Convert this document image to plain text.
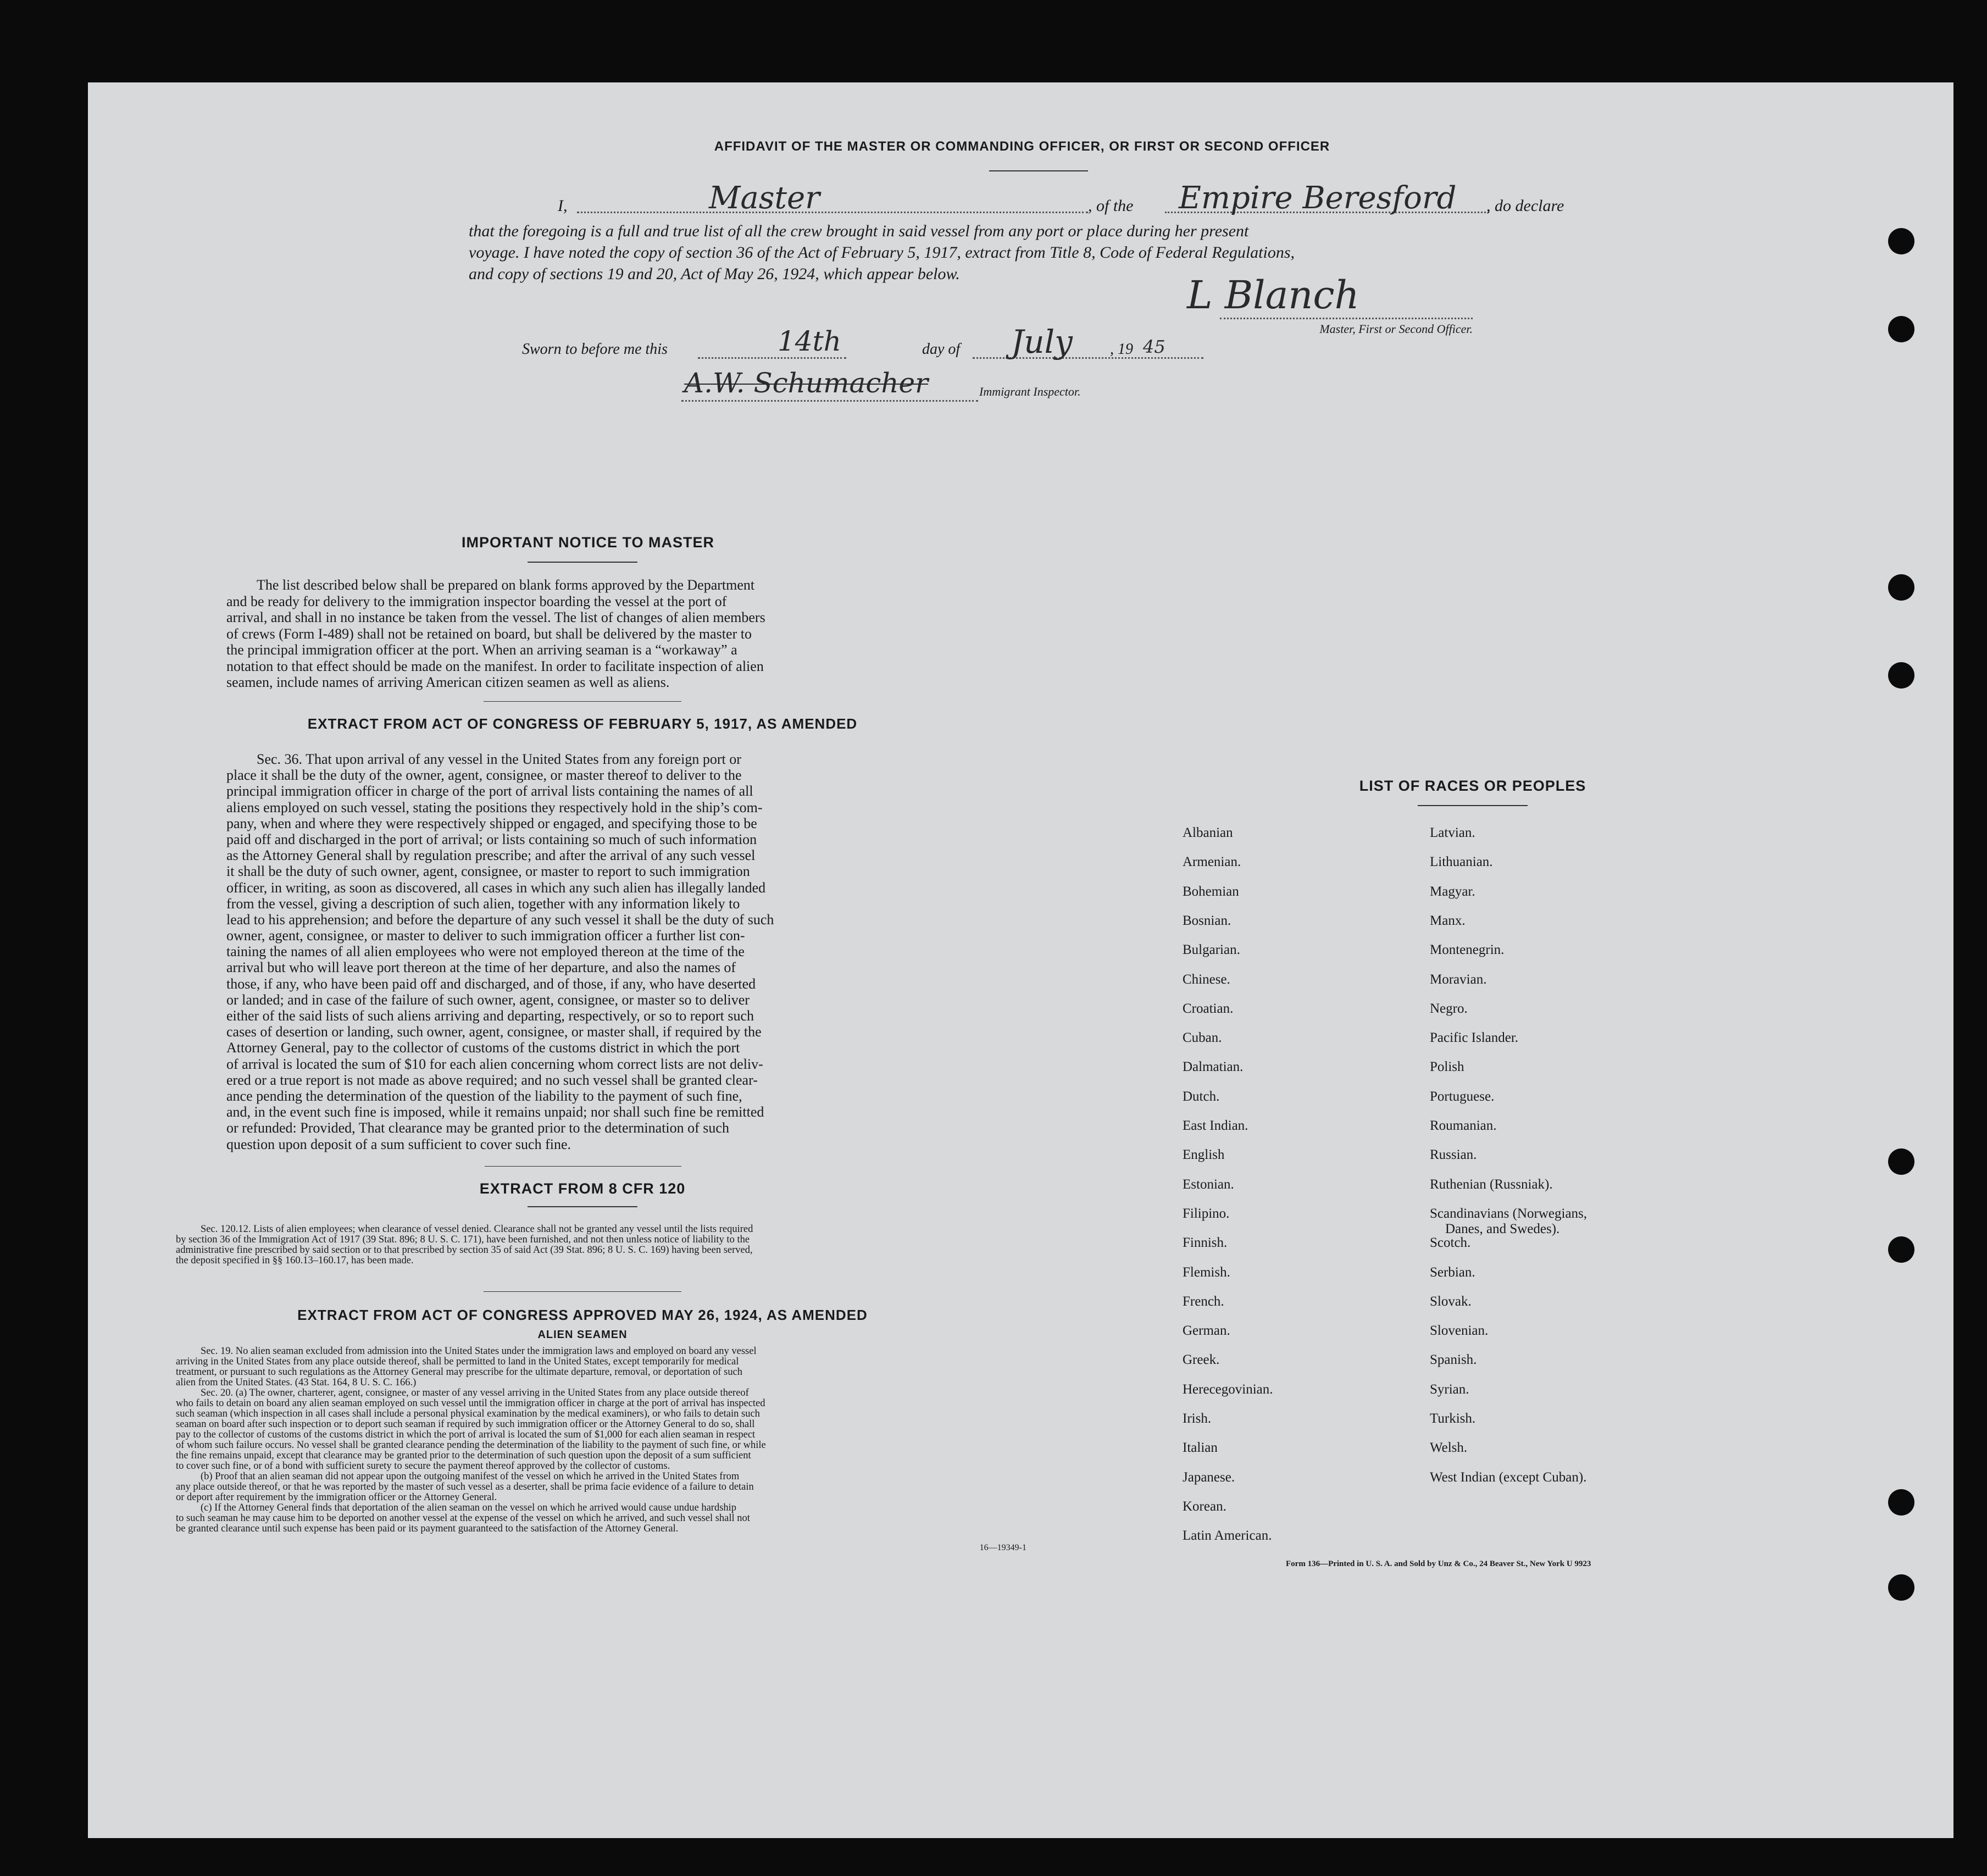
AFFIDAVIT OF THE MASTER OR COMMANDING OFFICER, OR FIRST OR SECOND OFFICER
I,	Master	, of the Empire Beresford , do declare
that the foregoing is a full and true list of all the crew brought in said vessel from any port or place during her present
voyage. I have noted the copy of section 36 of the Act of February 5, 1917, extract from Title 8, Code of Federal Regulations,
and copy of sections 19 and 20, Act of May 26, 1924, which appear below.	L Blanch
Master, First or Second Officer.
Sworn to before me this	14th	day of July , 19 45
A.W. Schumacher	Immigrant Inspector.
IMPORTANT NOTICE TO MASTER
The list described below shall be prepared on blank forms approved by the Department
and be ready for delivery to the immigration inspector boarding the vessel at the port of
arrival, and shall in no instance be taken from the vessel. The list of changes of alien members
of crews (Form I-489) shall not be retained on board, but shall be delivered by the master to
the principal immigration officer at the port. When an arriving seaman is a “workaway” a
notation to that effect should be made on the manifest. In order to facilitate inspection of alien
seamen, include names of arriving American citizen seamen as well as aliens.
EXTRACT FROM ACT OF CONGRESS OF FEBRUARY 5, 1917, AS AMENDED
Sec. 36. That upon arrival of any vessel in the United States from any foreign port or
place it shall be the duty of the owner, agent, consignee, or master thereof to deliver to the
principal immigration officer in charge of the port of arrival lists containing the names of all
aliens employed on such vessel, stating the positions they respectively hold in the ship’s com-
pany, when and where they were respectively shipped or engaged, and specifying those to be
paid off and discharged in the port of arrival; or lists containing so much of such information
as the Attorney General shall by regulation prescribe; and after the arrival of any such vessel
it shall be the duty of such owner, agent, consignee, or master to report to such immigration
officer, in writing, as soon as discovered, all cases in which any such alien has illegally landed
from the vessel, giving a description of such alien, together with any information likely to
lead to his apprehension; and before the departure of any such vessel it shall be the duty of such
owner, agent, consignee, or master to deliver to such immigration officer a further list con-
taining the names of all alien employees who were not employed thereon at the time of the
arrival but who will leave port thereon at the time of her departure, and also the names of
those, if any, who have been paid off and discharged, and of those, if any, who have deserted
or landed; and in case of the failure of such owner, agent, consignee, or master so to deliver
either of the said lists of such aliens arriving and departing, respectively, or so to report such
cases of desertion or landing, such owner, agent, consignee, or master shall, if required by the
Attorney General, pay to the collector of customs of the customs district in which the port
of arrival is located the sum of $10 for each alien concerning whom correct lists are not deliv-
ered or a true report is not made as above required; and no such vessel shall be granted clear-
ance pending the determination of the question of the liability to the payment of such fine,
and, in the event such fine is imposed, while it remains unpaid; nor shall such fine be remitted
or refunded: Provided, That clearance may be granted prior to the determination of such
question upon deposit of a sum sufficient to cover such fine.
EXTRACT FROM 8 CFR 120
Sec. 120.12. Lists of alien employees; when clearance of vessel denied. Clearance shall not be granted any vessel until the lists required
by section 36 of the Immigration Act of 1917 (39 Stat. 896; 8 U. S. C. 171), have been furnished, and not then unless notice of liability to the
administrative fine prescribed by said section or to that prescribed by section 35 of said Act (39 Stat. 896; 8 U. S. C. 169) having been served,
the deposit specified in §§ 160.13–160.17, has been made.
EXTRACT FROM ACT OF CONGRESS APPROVED MAY 26, 1924, AS AMENDED
ALIEN SEAMEN
Sec. 19. No alien seaman excluded from admission into the United States under the immigration laws and employed on board any vessel
arriving in the United States from any place outside thereof, shall be permitted to land in the United States, except temporarily for medical
treatment, or pursuant to such regulations as the Attorney General may prescribe for the ultimate departure, removal, or deportation of such
alien from the United States. (43 Stat. 164, 8 U. S. C. 166.)
Sec. 20. (a) The owner, charterer, agent, consignee, or master of any vessel arriving in the United States from any place outside thereof
who fails to detain on board any alien seaman employed on such vessel until the immigration officer in charge at the port of arrival has inspected
such seaman (which inspection in all cases shall include a personal physical examination by the medical examiners), or who fails to detain such
seaman on board after such inspection or to deport such seaman if required by such immigration officer or the Attorney General to do so, shall
pay to the collector of customs of the customs district in which the port of arrival is located the sum of $1,000 for each alien seaman in respect
of whom such failure occurs. No vessel shall be granted clearance pending the determination of the liability to the payment of such fine, or while
the fine remains unpaid, except that clearance may be granted prior to the determination of such question upon the deposit of a sum sufficient
to cover such fine, or of a bond with sufficient surety to secure the payment thereof approved by the collector of customs.
(b) Proof that an alien seaman did not appear upon the outgoing manifest of the vessel on which he arrived in the United States from
any place outside thereof, or that he was reported by the master of such vessel as a deserter, shall be prima facie evidence of a failure to detain
or deport after requirement by the immigration officer or the Attorney General.
(c) If the Attorney General finds that deportation of the alien seaman on the vessel on which he arrived would cause undue hardship
to such seaman he may cause him to be deported on another vessel at the expense of the vessel on which he arrived, and such vessel shall not
be granted clearance until such expense has been paid or its payment guaranteed to the satisfaction of the Attorney General.
16—19349-1
LIST OF RACES OR PEOPLES
Albanian
Armenian.
Bohemian
Bosnian.
Bulgarian.
Chinese.
Croatian.
Cuban.
Dalmatian.
Dutch.
East Indian.
English
Estonian.
Filipino.
Finnish.
Flemish.
French.
German.
Greek.
Herecegovinian.
Irish.
Italian
Japanese.
Korean.
Latin American.
Latvian.
Lithuanian.
Magyar.
Manx.
Montenegrin.
Moravian.
Negro.
Pacific Islander.
Polish
Portuguese.
Roumanian.
Russian.
Ruthenian (Russniak).
Scandinavians (Norwegians,
Danes, and Swedes).
Scotch.
Serbian.
Slovak.
Slovenian.
Spanish.
Syrian.
Turkish.
Welsh.
West Indian (except Cuban).
Form 136—Printed in U. S. A. and Sold by Unz & Co., 24 Beaver St., New York U 9923
